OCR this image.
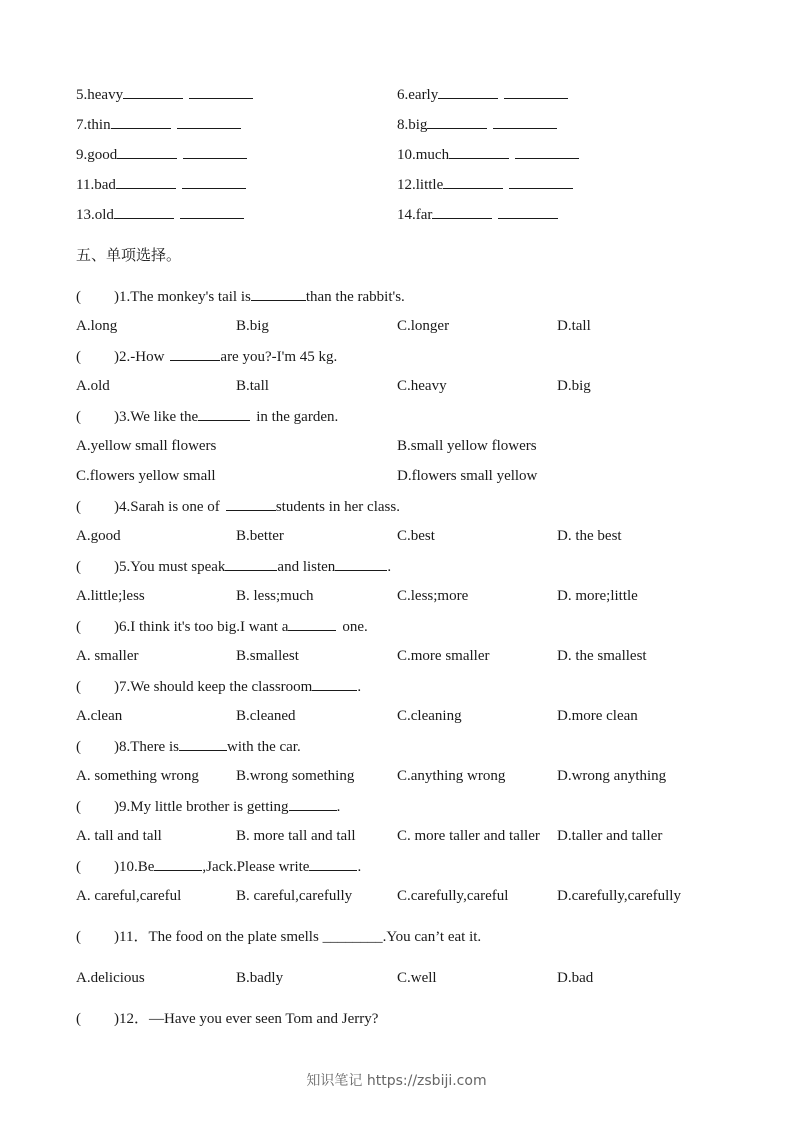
5.heavy	6.early
7.thin	8.big
9.good	10.much
11.bad	12.little
13.old	14.far
五、单项选择。
( )1.The monkey's tail is	than the rabbit's.
A.long	B.big	C.longer	D.tall
( )2.-How	are you?-I'm 45 kg.
A.old	B.tall	C.heavy	D.big
( )3.We like the	in the garden.
A.yellow small flowers	B.small yellow flowers
C.flowers yellow small	D.flowers small yellow
( )4.Sarah is one of	students in her class.
A.good	B.better	C.best	D. the best
( )5.You must speak	and listen	.
A.little;less	B. less;much	C.less;more	D. more;little
( )6.I think it's too big.I want a	one.
A. smaller	B.smallest	C.more smaller	D. the smallest
( )7.We should keep the classroom	.
A.clean	B.cleaned	C.cleaning	D.more clean
( )8.There is	with the car.
A. something wrong B.wrong something	C.anything wrong	D.wrong anything
( )9.My little brother is getting	.
A. tall and tall	B. more tall and tall	C. more taller and taller D.taller and taller
( )10.Be	,Jack.Please write	.
A. careful,careful	B. careful,carefully	C.carefully,careful	D.carefully,carefully
( )11．The food on the plate smells ________.You can’t eat it.
A.delicious	B.badly	C.well	D.bad
( )12．—Have you ever seen Tom and Jerry?
知识笔记 https://zsbiji.com
